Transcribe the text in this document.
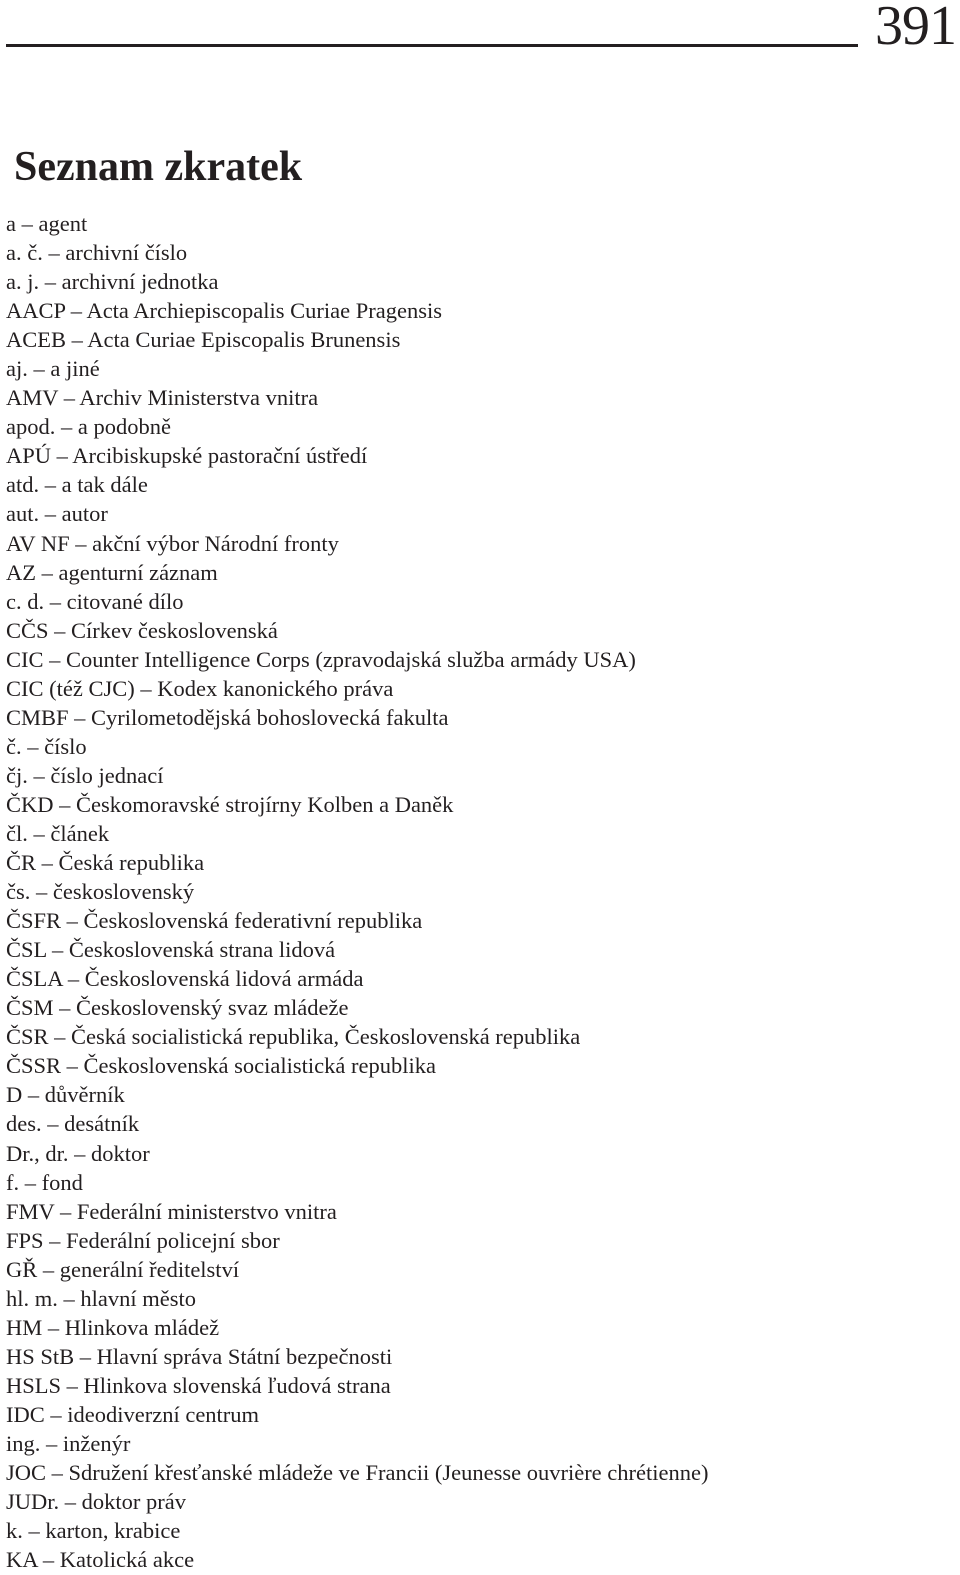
391
Seznam zkratek
a – agent
a. č. – archivní číslo
a. j. – archivní jednotka
AACP – Acta Archiepiscopalis Curiae Pragensis
ACEB – Acta Curiae Episcopalis Brunensis
aj. – a jiné
AMV – Archiv Ministerstva vnitra
apod. – a podobně
APÚ – Arcibiskupské pastorační ústředí
atd. – a tak dále
aut. – autor
AV NF – akční výbor Národní fronty
AZ – agenturní záznam
c. d. – citované dílo
CČS – Církev československá
CIC – Counter Intelligence Corps (zpravodajská služba armády USA)
CIC (též CJC) – Kodex kanonického práva
CMBF – Cyrilometodějská bohoslovecká fakulta
č. – číslo
čj. – číslo jednací
ČKD – Českomoravské strojírny Kolben a Daněk
čl. – článek
ČR – Česká republika
čs. – československý
ČSFR – Československá federativní republika
ČSL – Československá strana lidová
ČSLA – Československá lidová armáda
ČSM – Československý svaz mládeže
ČSR – Česká socialistická republika, Československá republika
ČSSR – Československá socialistická republika
D – důvěrník
des. – desátník
Dr., dr. – doktor
f. – fond
FMV – Federální ministerstvo vnitra
FPS – Federální policejní sbor
GŘ – generální ředitelství
hl. m. – hlavní město
HM – Hlinkova mládež
HS StB – Hlavní správa Státní bezpečnosti
HSLS – Hlinkova slovenská ľudová strana
IDC – ideodiverzní centrum
ing. – inženýr
JOC – Sdružení křesťanské mládeže ve Francii (Jeunesse ouvrière chrétienne)
JUDr. – doktor práv
k. – karton, krabice
KA – Katolická akce
